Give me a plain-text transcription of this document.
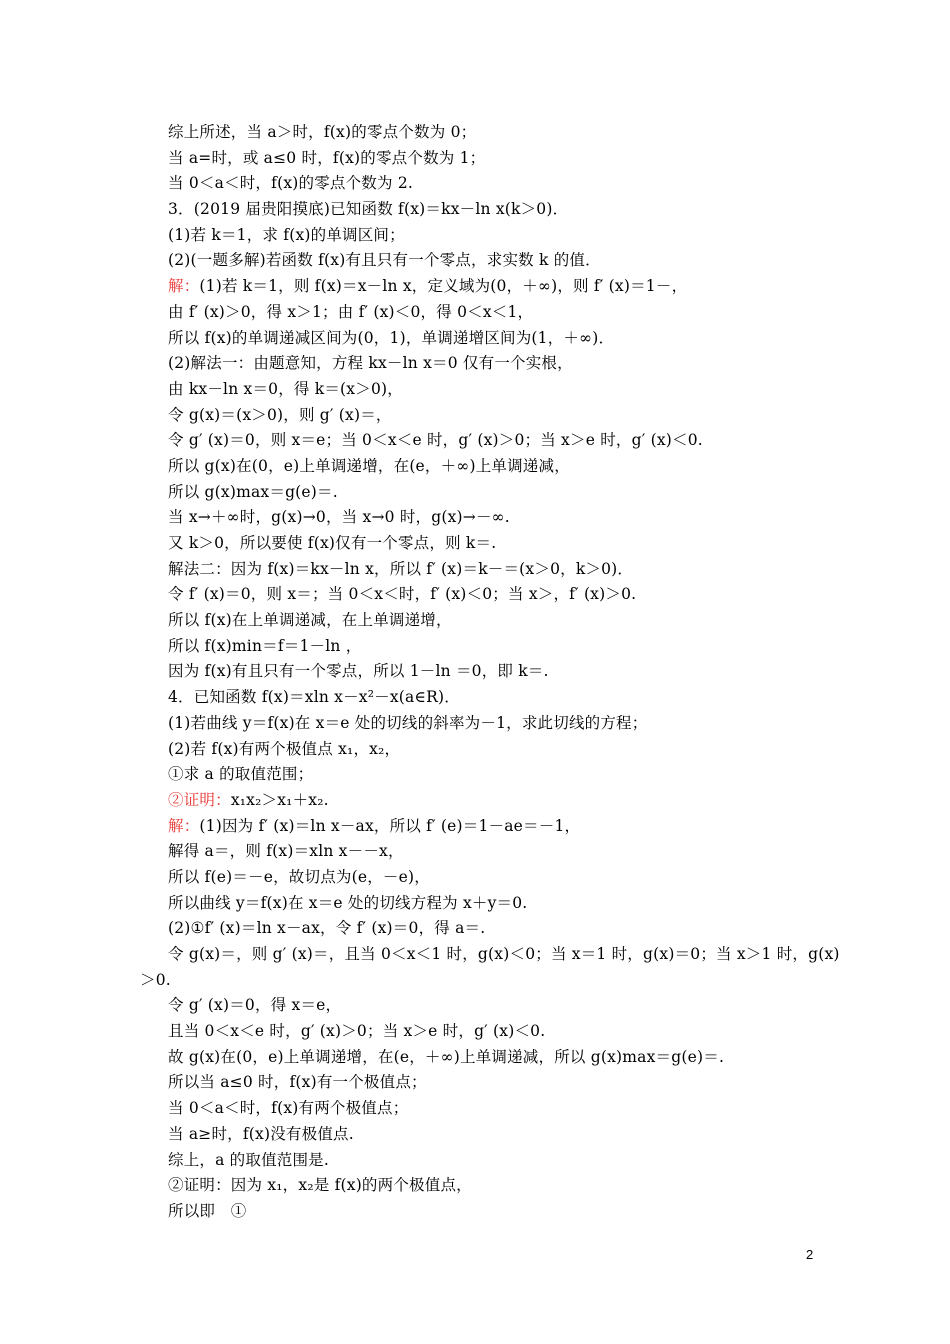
综上所述，当 a＞时，f(x)的零点个数为 0；
当 a=时，或 a≤0 时，f(x)的零点个数为 1；
当 0＜a＜时，f(x)的零点个数为 2.
3．(2019 届贵阳摸底)已知函数 f(x)＝kx－ln x(k＞0)．
(1)若 k＝1，求 f(x)的单调区间；
(2)(一题多解)若函数 f(x)有且只有一个零点，求实数 k 的值．
解：(1)若 k＝1，则 f(x)＝x－ln x，定义域为(0，＋∞)，则 f′ (x)＝1－，
由 f′ (x)＞0，得 x＞1；由 f′ (x)＜0，得 0＜x＜1，
所以 f(x)的单调递减区间为(0，1)，单调递增区间为(1，＋∞)．
(2)解法一：由题意知，方程 kx－ln x＝0 仅有一个实根，
由 kx－ln x＝0，得 k＝(x＞0)，
令 g(x)＝(x＞0)，则 g′ (x)＝，
令 g′ (x)＝0，则 x＝e；当 0＜x＜e 时，g′ (x)＞0；当 x＞e 时，g′ (x)＜0.
所以 g(x)在(0，e)上单调递增，在(e，＋∞)上单调递减，
所以 g(x)max＝g(e)＝.
当 x→＋∞时，g(x)→0，当 x→0 时，g(x)→－∞.
又 k＞0，所以要使 f(x)仅有一个零点，则 k＝.
解法二：因为 f(x)＝kx－ln x，所以 f′ (x)＝k－＝(x＞0，k＞0)．
令 f′ (x)＝0，则 x＝；当 0＜x＜时，f′ (x)＜0；当 x＞，f′ (x)＞0.
所以 f(x)在上单调递减，在上单调递增，
所以 f(x)min＝f＝1－ln ，
因为 f(x)有且只有一个零点，所以 1－ln ＝0，即 k＝.
4．已知函数 f(x)＝xln x－x²－x(a∈R)．
(1)若曲线 y＝f(x)在 x＝e 处的切线的斜率为－1，求此切线的方程；
(2)若 f(x)有两个极值点 x₁，x₂，
①求 a 的取值范围；
②证明：x₁x₂＞x₁＋x₂.
解：(1)因为 f′ (x)＝ln x－ax，所以 f′ (e)＝1－ae＝－1，
解得 a＝，则 f(x)＝xln x－－x，
所以 f(e)＝－e，故切点为(e，－e)，
所以曲线 y＝f(x)在 x＝e 处的切线方程为 x＋y＝0.
(2)①f′ (x)＝ln x－ax，令 f′ (x)＝0，得 a＝.
令 g(x)＝，则 g′ (x)＝，且当 0＜x＜1 时，g(x)＜0；当 x＝1 时，g(x)＝0；当 x＞1 时，g(x)
＞0.
令 g′ (x)＝0，得 x＝e，
且当 0＜x＜e 时，g′ (x)＞0；当 x＞e 时，g′ (x)＜0.
故 g(x)在(0，e)上单调递增，在(e，＋∞)上单调递减，所以 g(x)max＝g(e)＝.
所以当 a≤0 时，f(x)有一个极值点；
当 0＜a＜时，f(x)有两个极值点；
当 a≥时，f(x)没有极值点.
综上，a 的取值范围是.
②证明：因为 x₁，x₂是 f(x)的两个极值点，
所以即　①
2
